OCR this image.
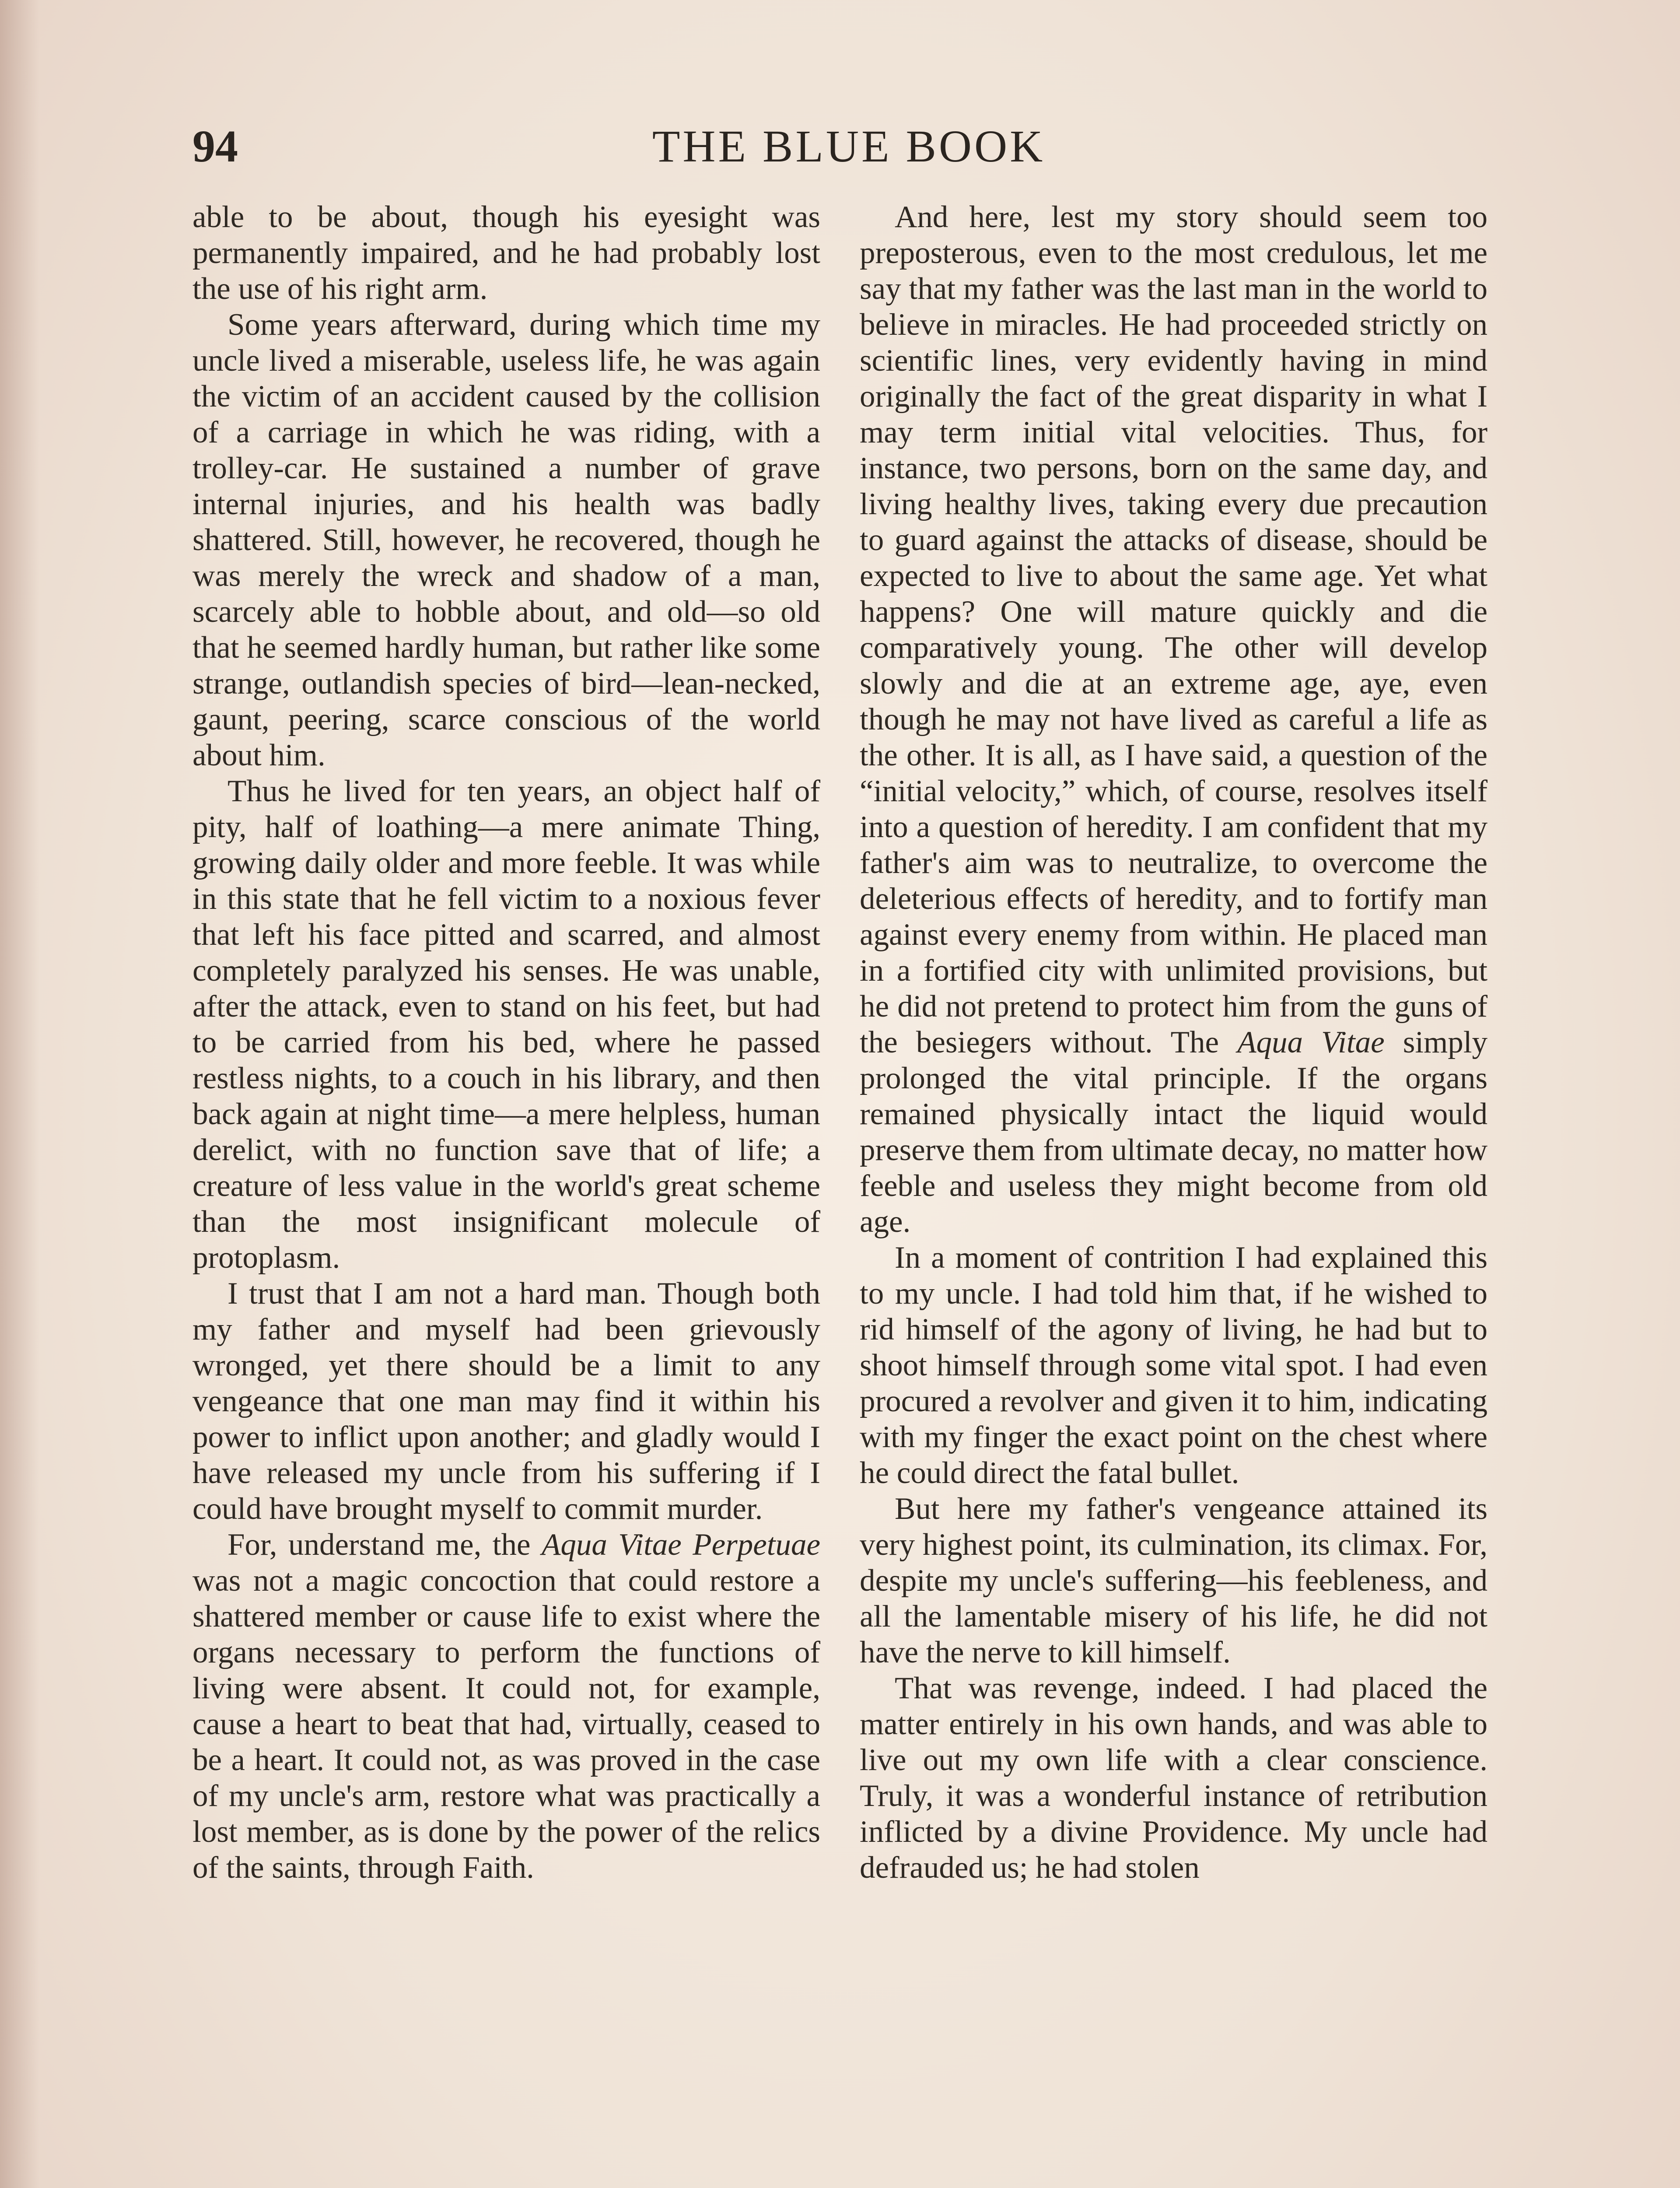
94	THE BLUE BOOK

able to be about, though his eyesight was permanently impaired, and he had probably lost the use of his right arm.

Some years afterward, during which time my uncle lived a miserable, useless life, he was again the victim of an accident caused by the collision of a carriage in which he was riding, with a trolley-car. He sustained a number of grave internal injuries, and his health was badly shattered. Still, however, he recovered, though he was merely the wreck and shadow of a man, scarcely able to hobble about, and old—so old that he seemed hardly human, but rather like some strange, outlandish species of bird—lean-necked, gaunt, peering, scarce conscious of the world about him.

Thus he lived for ten years, an object half of pity, half of loathing—a mere animate Thing, growing daily older and more feeble. It was while in this state that he fell victim to a noxious fever that left his face pitted and scarred, and almost completely paralyzed his senses. He was unable, after the attack, even to stand on his feet, but had to be carried from his bed, where he passed restless nights, to a couch in his library, and then back again at night time—a mere helpless, human derelict, with no function save that of life; a creature of less value in the world's great scheme than the most insignificant molecule of protoplasm.

I trust that I am not a hard man. Though both my father and myself had been grievously wronged, yet there should be a limit to any vengeance that one man may find it within his power to inflict upon another; and gladly would I have released my uncle from his suffering if I could have brought myself to commit murder.

For, understand me, the Aqua Vitae Perpetuae was not a magic concoction that could restore a shattered member or cause life to exist where the organs necessary to perform the functions of living were absent. It could not, for example, cause a heart to beat that had, virtually, ceased to be a heart. It could not, as was proved in the case of my uncle's arm, restore what was practically a lost member, as is done by the power of the relics of the saints, through Faith.

And here, lest my story should seem too preposterous, even to the most credulous, let me say that my father was the last man in the world to believe in miracles. He had proceeded strictly on scientific lines, very evidently having in mind originally the fact of the great disparity in what I may term initial vital velocities. Thus, for instance, two persons, born on the same day, and living healthy lives, taking every due precaution to guard against the attacks of disease, should be expected to live to about the same age. Yet what happens? One will mature quickly and die comparatively young. The other will develop slowly and die at an extreme age, aye, even though he may not have lived as careful a life as the other. It is all, as I have said, a question of the “initial velocity,” which, of course, resolves itself into a question of heredity. I am confident that my father's aim was to neutralize, to overcome the deleterious effects of heredity, and to fortify man against every enemy from within. He placed man in a fortified city with unlimited provisions, but he did not pretend to protect him from the guns of the besiegers without. The Aqua Vitae simply prolonged the vital principle. If the organs remained physically intact the liquid would preserve them from ultimate decay, no matter how feeble and useless they might become from old age.

In a moment of contrition I had explained this to my uncle. I had told him that, if he wished to rid himself of the agony of living, he had but to shoot himself through some vital spot. I had even procured a revolver and given it to him, indicating with my finger the exact point on the chest where he could direct the fatal bullet.

But here my father's vengeance attained its very highest point, its culmination, its climax. For, despite my uncle's suffering—his feebleness, and all the lamentable misery of his life, he did not have the nerve to kill himself.

That was revenge, indeed. I had placed the matter entirely in his own hands, and was able to live out my own life with a clear conscience. Truly, it was a wonderful instance of retribution inflicted by a divine Providence. My uncle had defrauded us; he had stolen
